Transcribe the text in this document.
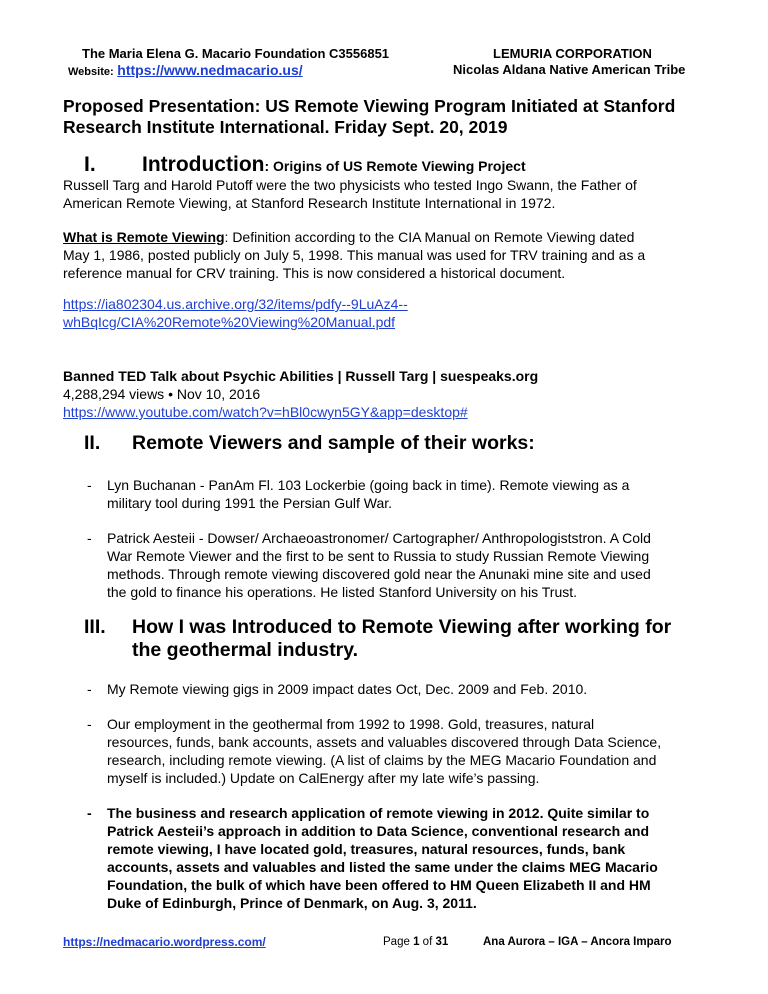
The Maria Elena G. Macario Foundation C3556851
Website: https://www.nedmacario.us/
LEMURIA CORPORATION
Nicolas Aldana Native American Tribe
Proposed Presentation: US Remote Viewing Program Initiated at Stanford
Research Institute International. Friday Sept. 20, 2019
I. Introduction: Origins of US Remote Viewing Project
Russell Targ and Harold Putoff were the two physicists who tested Ingo Swann, the Father of
American Remote Viewing, at Stanford Research Institute International in 1972.
What is Remote Viewing: Definition according to the CIA Manual on Remote Viewing dated
May 1, 1986, posted publicly on July 5, 1998. This manual was used for TRV training and as a
reference manual for CRV training. This is now considered a historical document.
https://ia802304.us.archive.org/32/items/pdfy--9LuAz4--
whBqIcg/CIA%20Remote%20Viewing%20Manual.pdf
Banned TED Talk about Psychic Abilities | Russell Targ | suespeaks.org
4,288,294 views • Nov 10, 2016
https://www.youtube.com/watch?v=hBl0cwyn5GY&app=desktop#
II. Remote Viewers and sample of their works:
- Lyn Buchanan - PanAm Fl. 103 Lockerbie (going back in time). Remote viewing as a
military tool during 1991 the Persian Gulf War.
- Patrick Aesteii - Dowser/ Archaeoastronomer/ Cartographer/ Anthropologiststron. A Cold
War Remote Viewer and the first to be sent to Russia to study Russian Remote Viewing
methods. Through remote viewing discovered gold near the Anunaki mine site and used
the gold to finance his operations. He listed Stanford University on his Trust.
III. How I was Introduced to Remote Viewing after working for
the geothermal industry.
- My Remote viewing gigs in 2009 impact dates Oct, Dec. 2009 and Feb. 2010.
- Our employment in the geothermal from 1992 to 1998. Gold, treasures, natural
resources, funds, bank accounts, assets and valuables discovered through Data Science,
research, including remote viewing. (A list of claims by the MEG Macario Foundation and
myself is included.) Update on CalEnergy after my late wife’s passing.
- The business and research application of remote viewing in 2012. Quite similar to
Patrick Aesteii’s approach in addition to Data Science, conventional research and
remote viewing, I have located gold, treasures, natural resources, funds, bank
accounts, assets and valuables and listed the same under the claims MEG Macario
Foundation, the bulk of which have been offered to HM Queen Elizabeth II and HM
Duke of Edinburgh, Prince of Denmark, on Aug. 3, 2011.
https://nedmacario.wordpress.com/	Page 1 of 31	Ana Aurora – IGA – Ancora Imparo
